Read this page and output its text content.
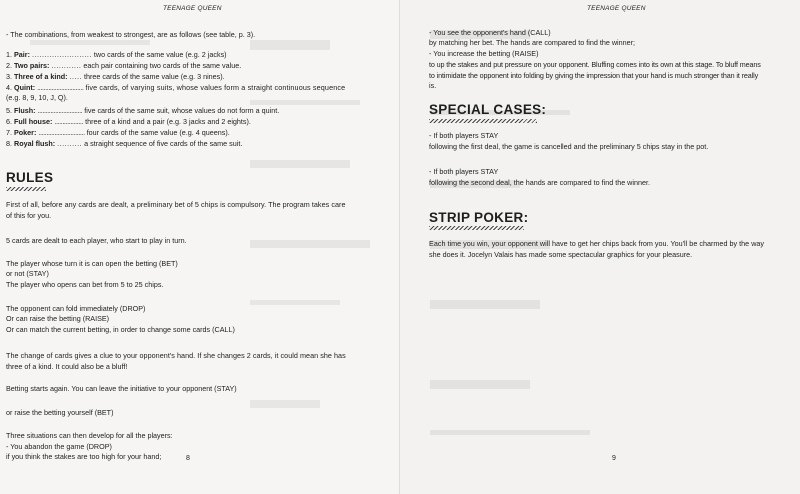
TEENAGE QUEEN
- The combinations, from weakest to strongest, are as follows (see table, p. 3).
1. Pair: ........................ two cards of the same value (e.g. 2 jacks)
2. Two pairs: ............ each pair containing two cards of the same value.
3. Three of a kind: ..... three cards of the same value (e.g. 3 nines).
4. Quint: ............................. five cards, of varying suits, whose values form a straight continuous sequence
(e.g. 8, 9, 10, J, Q).
5. Flush: ............................ five cards of the same suit, whose values do not form a quint.
6. Full house: .................. three of a kind and a pair (e.g. 3 jacks and 2 eights).
7. Poker: ............................. four cards of the same value (e.g. 4 queens).
8. Royal flush: .......... a straight sequence of five cards of the same suit.
RULES
First of all, before any cards are dealt, a preliminary bet of 5 chips is compulsory. The program takes care
of this for you.
5 cards are dealt to each player, who start to play in turn.
The player whose turn it is can open the betting (BET)
or not (STAY)
The player who opens can bet from 5 to 25 chips.
The opponent can fold immediately (DROP)
Or can raise the betting (RAISE)
Or can match the current betting, in order to change some cards (CALL)
The change of cards gives a clue to your opponent's hand. If she changes 2 cards, it could mean she has
three of a kind. It could also be a bluff!
Betting starts again. You can leave the initiative to your opponent (STAY)
or raise the betting yourself (BET)
Three situations can then develop for all the players:
- You abandon the game (DROP)
if you think the stakes are too high for your hand;	8
TEENAGE QUEEN
- You see the opponent's hand (CALL)
by matching her bet. The hands are compared to find the winner;
- You increase the betting (RAISE)
to up the stakes and put pressure on your opponent. Bluffing comes into its own at this stage. To bluff means
to intimidate the opponent into folding by giving the impression that your hand is much stronger than it really
is.
SPECIAL CASES:
- If both players STAY
following the first deal, the game is cancelled and the preliminary 5 chips stay in the pot.
- If both players STAY
following the second deal, the hands are compared to find the winner.
STRIP POKER:
Each time you win, your opponent will have to get her chips back from you. You'll be charmed by the way
she does it. Jocelyn Valais has made some spectacular graphics for your pleasure.
9
